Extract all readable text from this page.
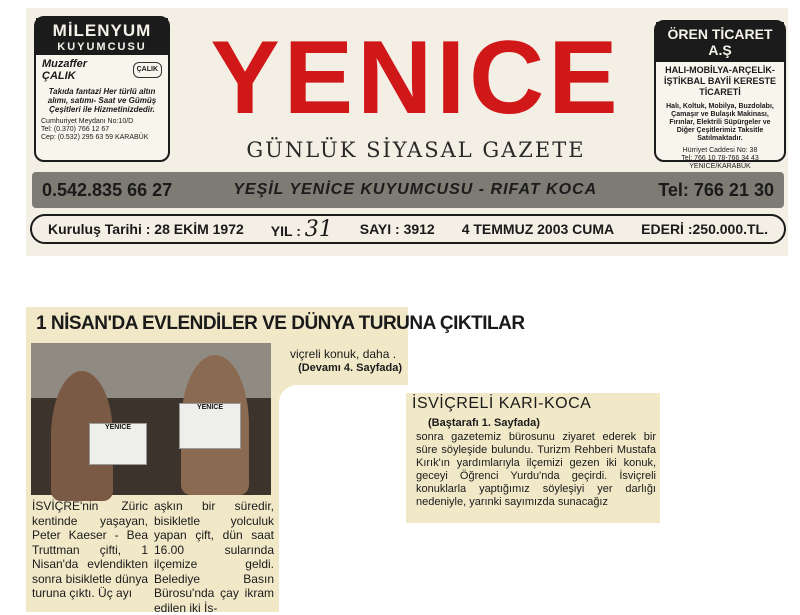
MİLENYUM
KUYUMCUSU
Muzaffer ÇALIK
ÇALIK
Takıda fantazi Her türlü altın alımı, satımı- Saat ve Gümüş Çeşitleri ile Hizmetinizdedir.
Cumhuriyet Meydanı No:10/D
Tel: (0.370) 766 12 67
Cep: (0.532) 295 63 59 KARABÜK
YENICE
GÜNLÜK SİYASAL GAZETE
ÖREN TİCARET A.Ş
HALI-MOBİLYA-ARÇELİK-İŞTİKBAL BAYİİ KERESTE TİCARETİ
Halı, Koltuk, Mobilya, Buzdolabı, Çamaşır ve Bulaşık Makinası, Fırınlar, Elektrili Süpürgeler ve Diğer Çeşitlerimiz Taksitle Satılmaktadır.
Hürriyet Caddesi No: 38
Tel: 766 10 78-766 34 43
YENİCE/KARABÜK
0.542.835 66 27	YEŞİL YENİCE KUYUMCUSU - RIFAT KOCA	Tel: 766 21 30
Kuruluş Tarihi : 28 EKİM 1972 YIL : 31 SAYI : 3912 4 TEMMUZ 2003 CUMA EDERİ :250.000.TL.
1 NİSAN'DA EVLENDİLER VE DÜNYA TURUNA ÇIKTILAR
YENICE
YENICE
İSVİÇRE'nin Züric kentinde yaşayan, Peter Kaeser - Bea Truttman çifti, 1 Nisan'da evlendikten sonra bisikletle dünya turuna çıktı. Üç ayı
aşkın bir süredir, bisikletle yolculuk yapan çift, dün saat 16.00 sularında ilçemize geldi. Belediye Basın Bürosu'nda çay ikram edilen iki İs-
viçreli konuk, daha .
(Devamı 4. Sayfada)
İSVİÇRELİ KARI-KOCA
(Baştarafı 1. Sayfada)
sonra gazetemiz bürosunu ziyaret ederek bir süre söyleşide bulundu. Turizm Rehberi Mustafa Kırık'ın yardımlarıyla ilçemizi gezen iki konuk, geceyi Öğrenci Yurdu'nda geçirdi. İsviçreli konuklarla yaptığımız söyleşiyi yer darlığı nedeniyle, yarınki sayımızda sunacağız
